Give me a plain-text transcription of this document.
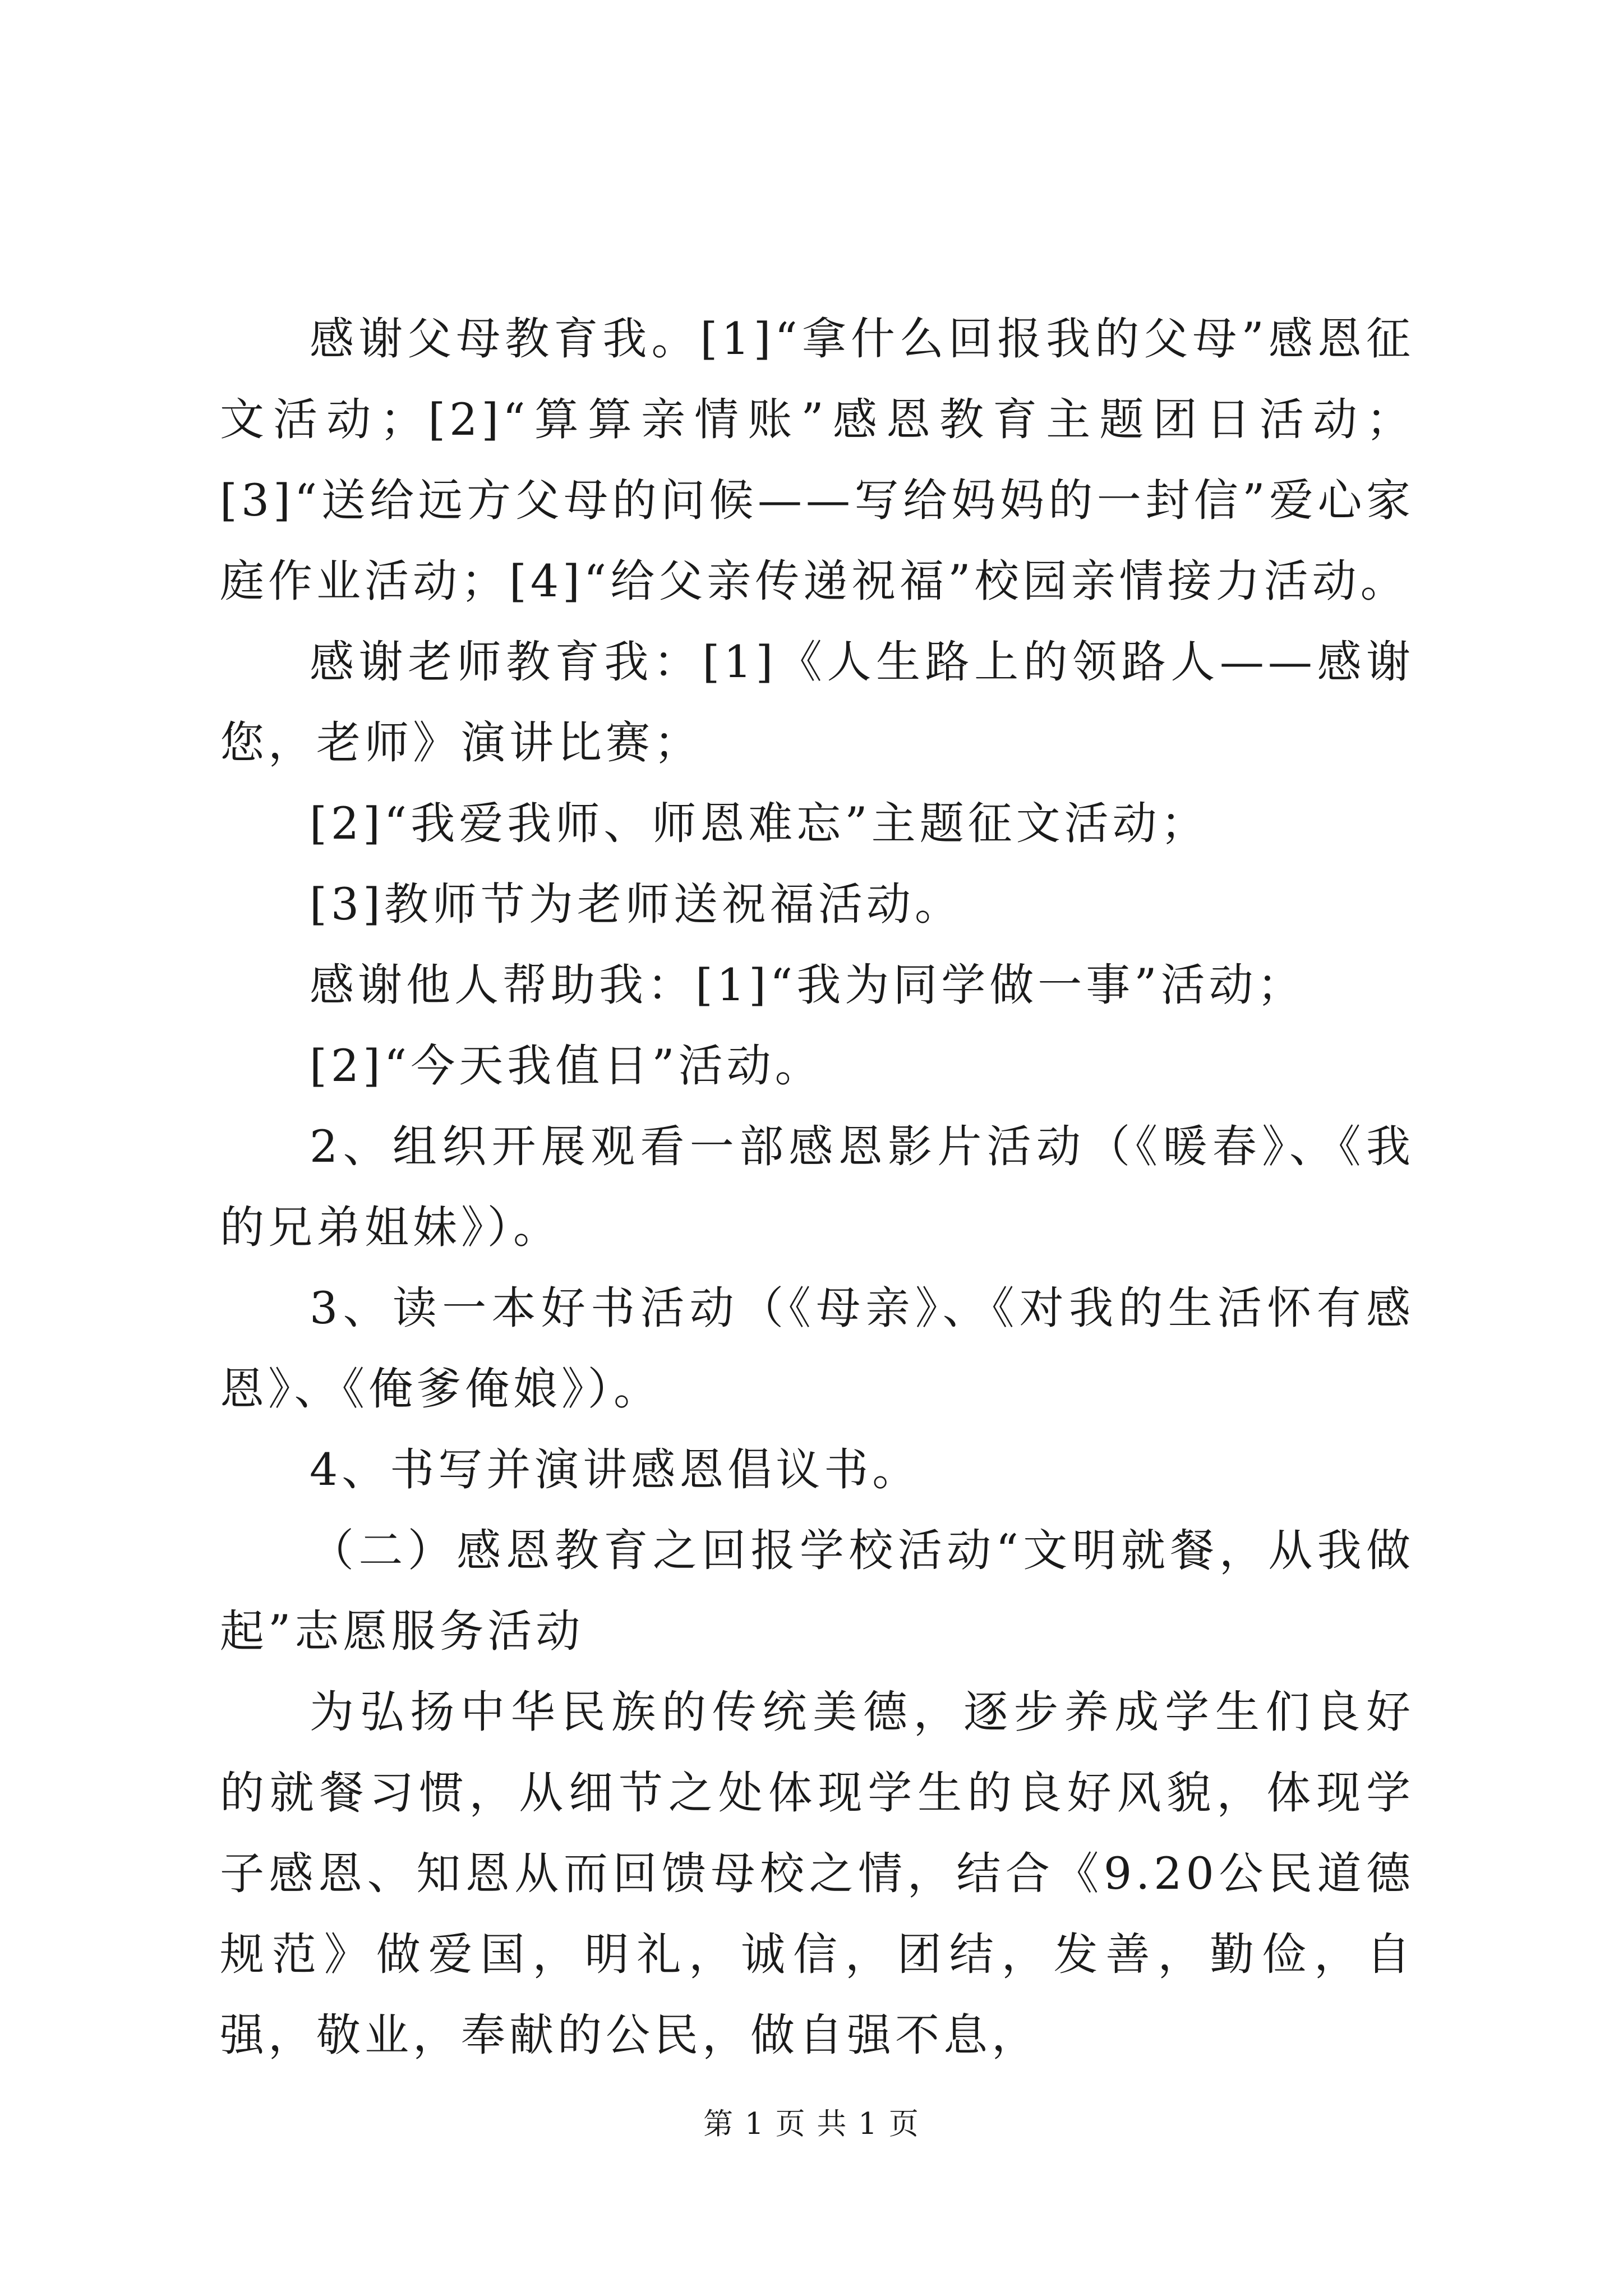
感谢父母教育我。[1]“拿什么回报我的父母”感恩征文活动；[2]“算算亲情账”感恩教育主题团日活动；[3]“送给远方父母的问候——写给妈妈的一封信”爱心家庭作业活动；[4]“给父亲传递祝福”校园亲情接力活动。

感谢老师教育我：[1]《人生路上的领路人——感谢您，老师》演讲比赛；

[2]“我爱我师、师恩难忘”主题征文活动；

[3]教师节为老师送祝福活动。

感谢他人帮助我：[1]“我为同学做一事”活动；

[2]“今天我值日”活动。

2、组织开展观看一部感恩影片活动（《暖春》、《我的兄弟姐妹》）。

3、读一本好书活动（《母亲》、《对我的生活怀有感恩》、《俺爹俺娘》）。

4、书写并演讲感恩倡议书。

（二）感恩教育之回报学校活动“文明就餐，从我做起”志愿服务活动

为弘扬中华民族的传统美德，逐步养成学生们良好的就餐习惯，从细节之处体现学生的良好风貌，体现学子感恩、知恩从而回馈母校之情，结合《9.20公民道德规范》做爱国，明礼，诚信，团结，发善，勤俭，自强，敬业，奉献的公民，做自强不息，

第 1 页 共 1 页
